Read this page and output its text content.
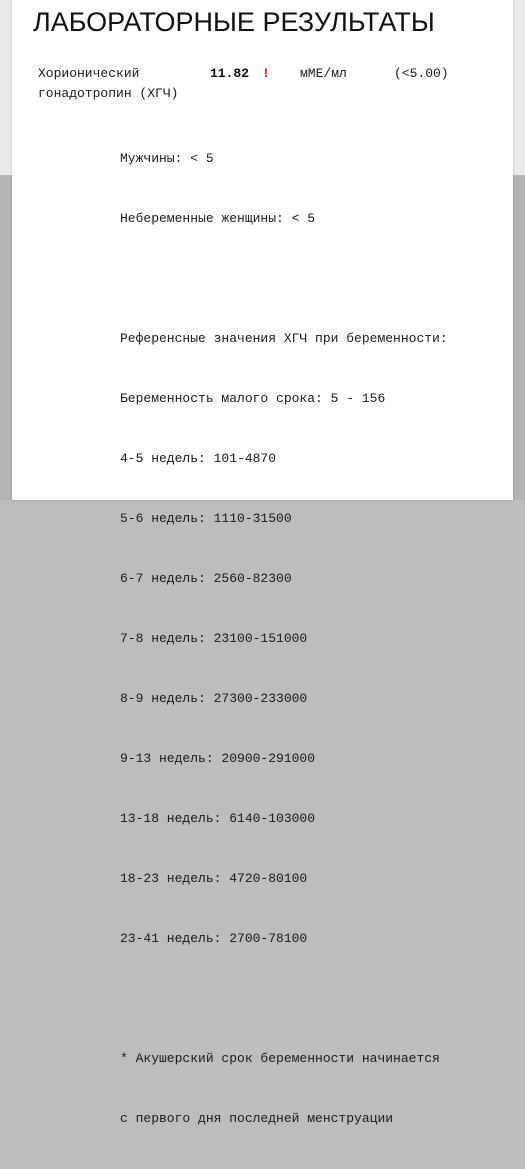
ЛАБОРАТОРНЫЕ РЕЗУЛЬТАТЫ
Хорионический
гонадотропин (ХГЧ)
11.82 ! мМЕ/мл	(<5.00)

Мужчины: < 5

Небеременные женщины: < 5

Референсные значения ХГЧ при беременности:

Беременность малого срока: 5 - 156

4-5 недель: 101-4870

5-6 недель: 1110-31500

6-7 недель: 2560-82300

7-8 недель: 23100-151000

8-9 недель: 27300-233000

9-13 недель: 20900-291000

13-18 недель: 6140-103000

18-23 недель: 4720-80100

23-41 недель: 2700-78100

* Акушерский срок беременности начинается

с первого дня последней менструации
